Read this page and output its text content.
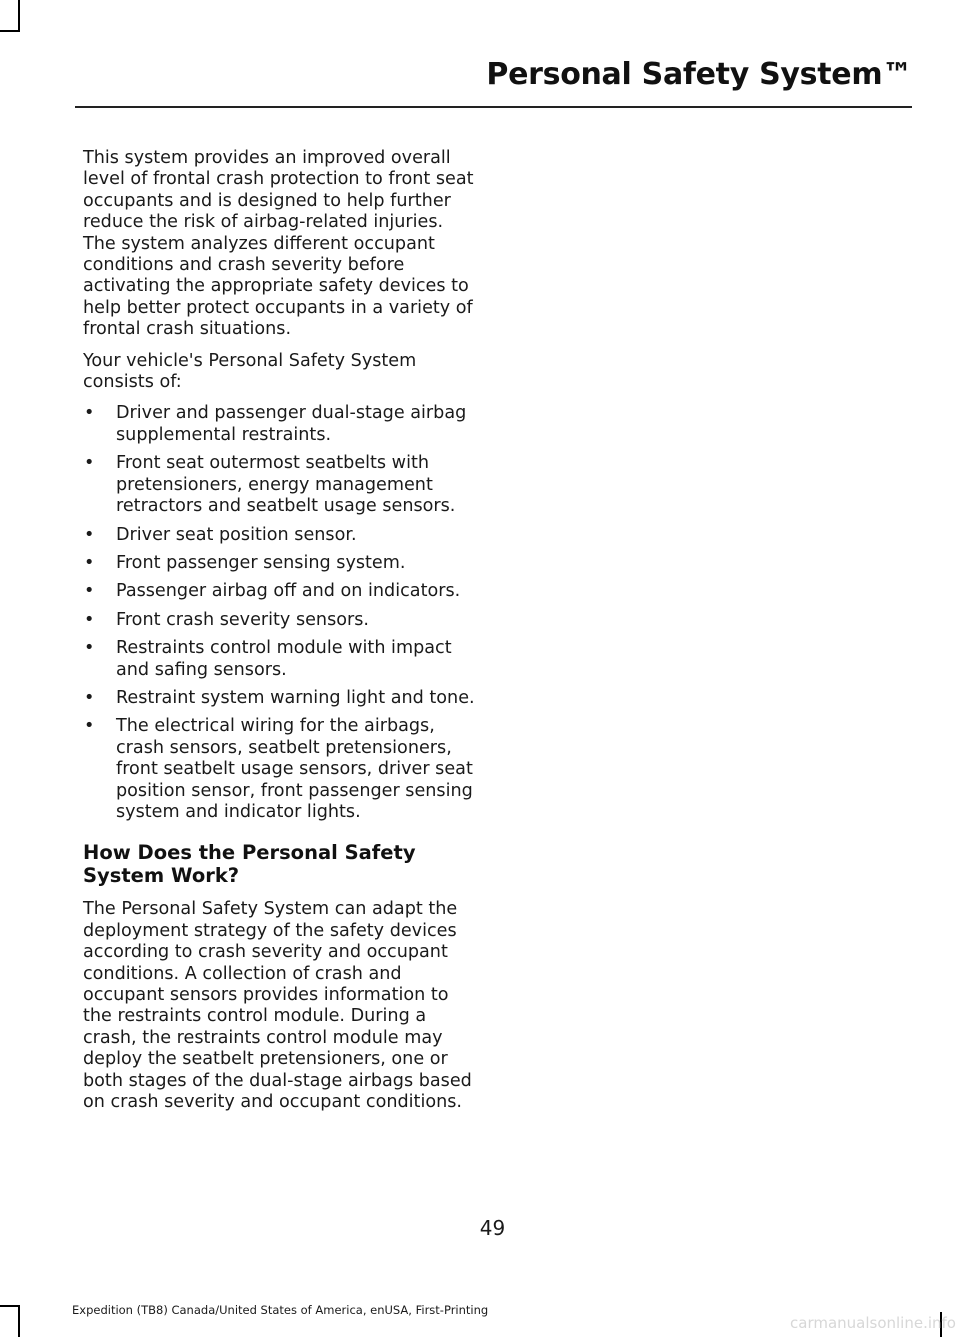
Personal Safety System™

This system provides an improved overall level of frontal crash protection to front seat occupants and is designed to help further reduce the risk of airbag-related injuries. The system analyzes different occupant conditions and crash severity before activating the appropriate safety devices to help better protect occupants in a variety of frontal crash situations.

Your vehicle's Personal Safety System consists of:

• Driver and passenger dual-stage airbag supplemental restraints.
• Front seat outermost seatbelts with pretensioners, energy management retractors and seatbelt usage sensors.
• Driver seat position sensor.
• Front passenger sensing system.
• Passenger airbag off and on indicators.
• Front crash severity sensors.
• Restraints control module with impact and safing sensors.
• Restraint system warning light and tone.
• The electrical wiring for the airbags, crash sensors, seatbelt pretensioners, front seatbelt usage sensors, driver seat position sensor, front passenger sensing system and indicator lights.
How Does the Personal Safety System Work?

The Personal Safety System can adapt the deployment strategy of the safety devices according to crash severity and occupant conditions. A collection of crash and occupant sensors provides information to the restraints control module. During a crash, the restraints control module may deploy the seatbelt pretensioners, one or both stages of the dual-stage airbags based on crash severity and occupant conditions.

49
Expedition (TB8) Canada/United States of America, enUSA, First-Printing
carmanualsonline.info
